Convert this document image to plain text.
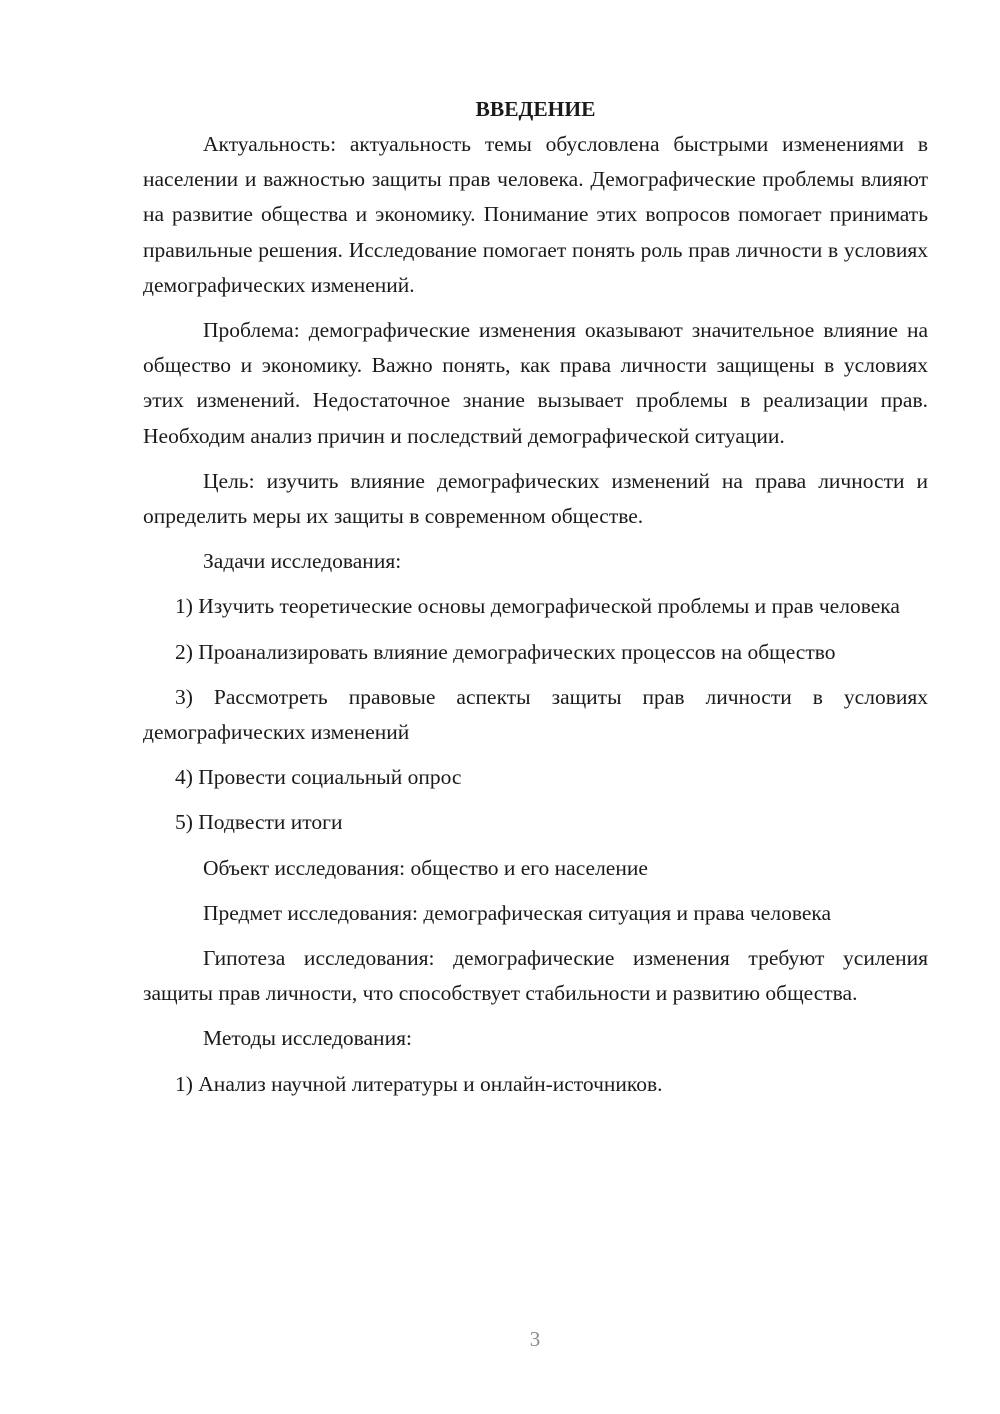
ВВЕДЕНИЕ

Актуальность: актуальность темы обусловлена быстрыми изменениями в населении и важностью защиты прав человека. Демографические проблемы влияют на развитие общества и экономику. Понимание этих вопросов помогает принимать правильные решения. Исследование помогает понять роль прав личности в условиях демографических изменений.

Проблема: демографические изменения оказывают значительное влияние на общество и экономику. Важно понять, как права личности защищены в условиях этих изменений. Недостаточное знание вызывает проблемы в реализации прав. Необходим анализ причин и последствий демографической ситуации.

Цель: изучить влияние демографических изменений на права личности и определить меры их защиты в современном обществе.

Задачи исследования:

1) Изучить теоретические основы демографической проблемы и прав человека

2) Проанализировать влияние демографических процессов на общество

3) Рассмотреть правовые аспекты защиты прав личности в условиях демографических изменений

4) Провести социальный опрос

5) Подвести итоги

Объект исследования: общество и его население

Предмет исследования: демографическая ситуация и права человека

Гипотеза исследования: демографические изменения требуют усиления защиты прав личности, что способствует стабильности и развитию общества.

Методы исследования:

1) Анализ научной литературы и онлайн-источников.

3
